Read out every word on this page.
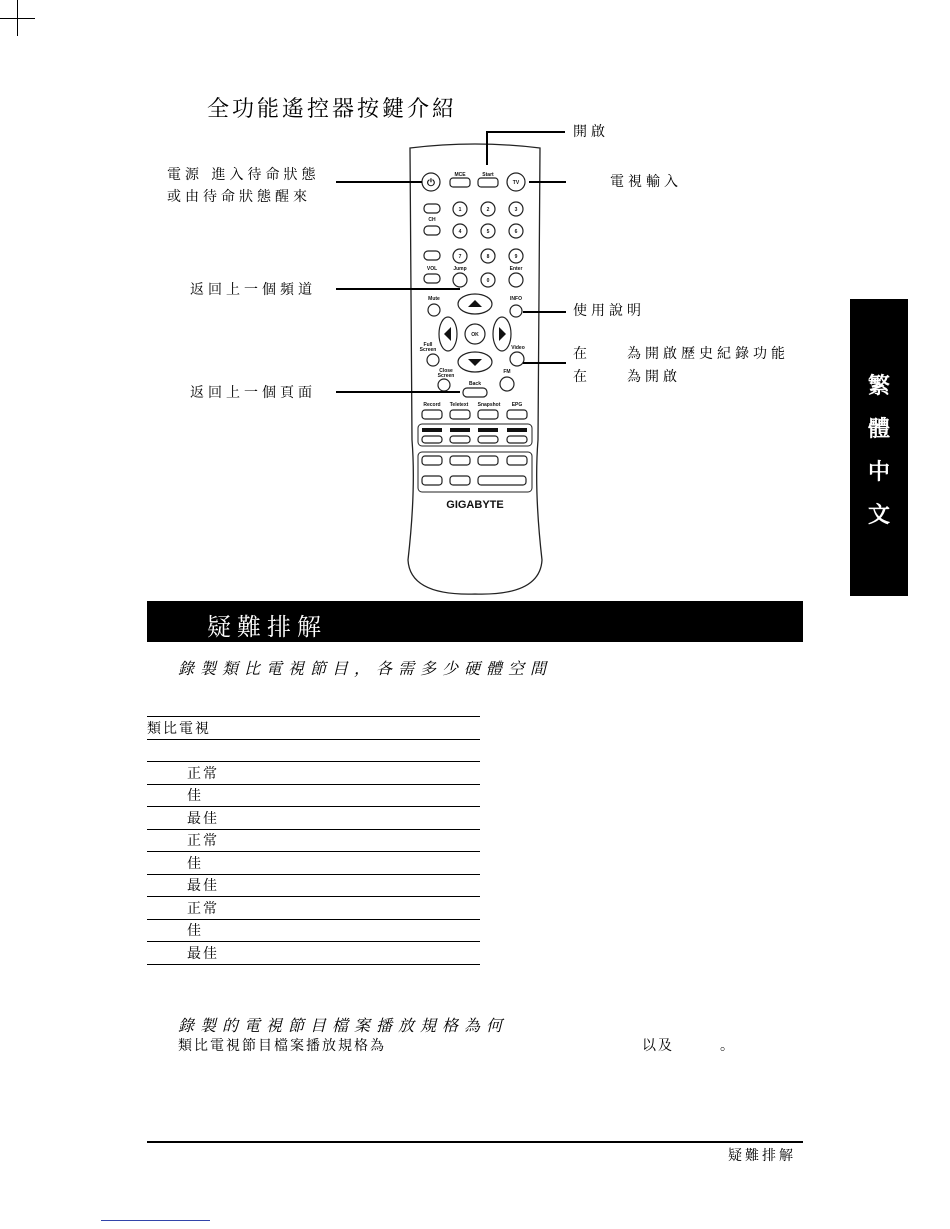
全功能遙控器按鍵介紹
⏻
MCE	Start
TV
CH
VOL
1	2	3
4	5	6
7	8	9
0
Jump	Enter
Mute	INFO
OK
Full
Screen	Video
Close
Screen
FM
Back
Record Teletext Snapshot EPG
GIGABYTE
開啟
電源 進入待命狀態
或由待命狀態醒來
電視輸入
返回上一個頻道
使用說明
在　　為開啟歷史紀錄功能
在　　為開啟
返回上一個頁面	繁
體
中
文
疑難排解
錄製類比電視節目，各需多少硬體空間
類比電視

正常
佳
最佳
正常
佳
最佳
正常
佳
最佳
錄製的電視節目檔案播放規格為何
類比電視節目檔案播放規格為	以及	。
疑難排解
